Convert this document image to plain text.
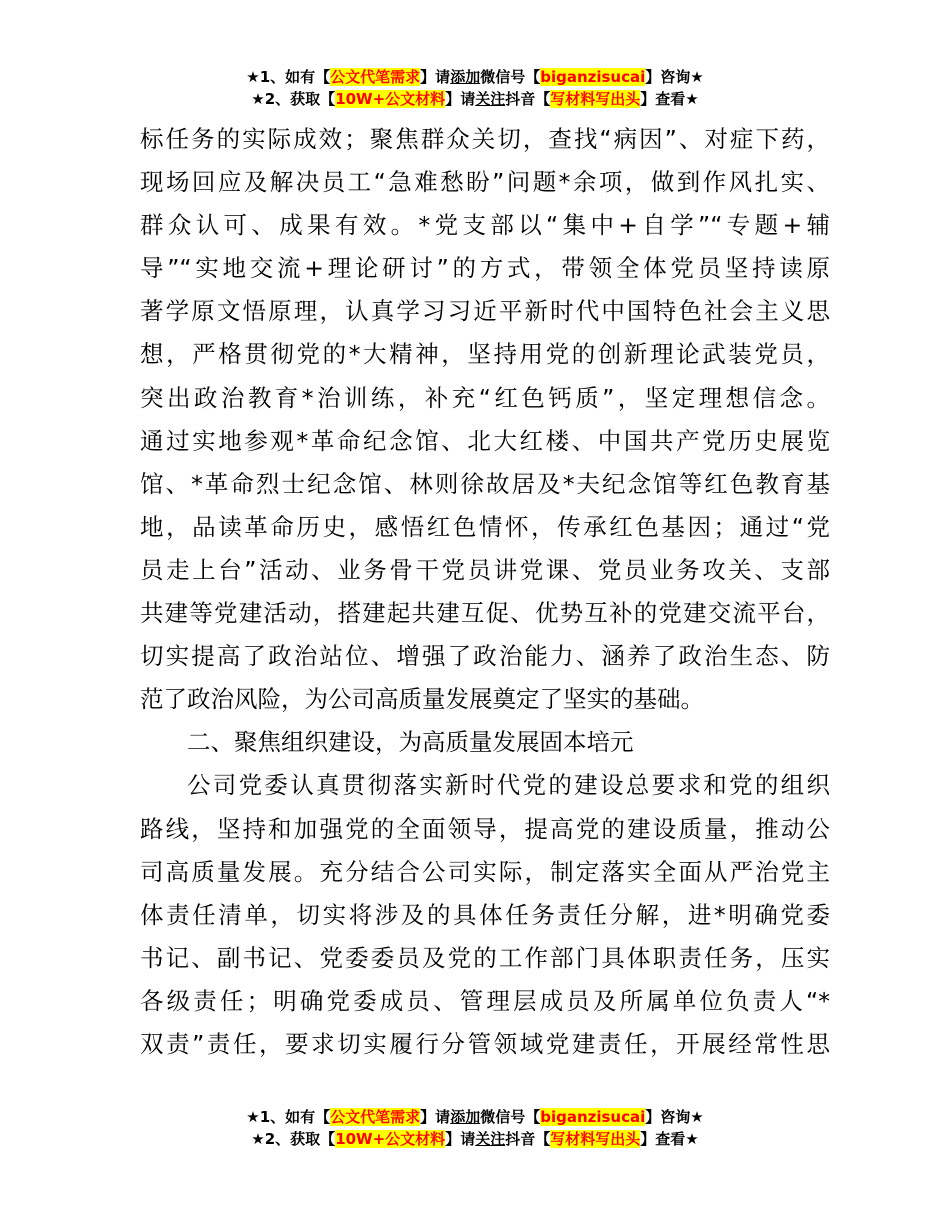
★1、如有【公文代笔需求】请添加微信号【biganzisucai】咨询★
★2、获取【10W+公文材料】请关注抖音【写材料写出头】查看★
标任务的实际成效；聚焦群众关切，查找“病因”、对症下药，
现场回应及解决员工“急难愁盼”问题*余项，做到作风扎实、
群众认可、成果有效。*党支部以“集中+自学”“专题+辅
导”“实地交流+理论研讨”的方式，带领全体党员坚持读原
著学原文悟原理，认真学习习近平新时代中国特色社会主义思
想，严格贯彻党的*大精神，坚持用党的创新理论武装党员，
突出政治教育*治训练，补充“红色钙质”，坚定理想信念。
通过实地参观*革命纪念馆、北大红楼、中国共产党历史展览
馆、*革命烈士纪念馆、林则徐故居及*夫纪念馆等红色教育基
地，品读革命历史，感悟红色情怀，传承红色基因；通过“党
员走上台”活动、业务骨干党员讲党课、党员业务攻关、支部
共建等党建活动，搭建起共建互促、优势互补的党建交流平台，
切实提高了政治站位、增强了政治能力、涵养了政治生态、防
范了政治风险，为公司高质量发展奠定了坚实的基础。
二、聚焦组织建设，为高质量发展固本培元
公司党委认真贯彻落实新时代党的建设总要求和党的组织
路线，坚持和加强党的全面领导，提高党的建设质量，推动公
司高质量发展。充分结合公司实际，制定落实全面从严治党主
体责任清单，切实将涉及的具体任务责任分解，进*明确党委
书记、副书记、党委委员及党的工作部门具体职责任务，压实
各级责任；明确党委成员、管理层成员及所属单位负责人“*
双责”责任，要求切实履行分管领域党建责任，开展经常性思
★1、如有【公文代笔需求】请添加微信号【biganzisucai】咨询★
★2、获取【10W+公文材料】请关注抖音【写材料写出头】查看★
